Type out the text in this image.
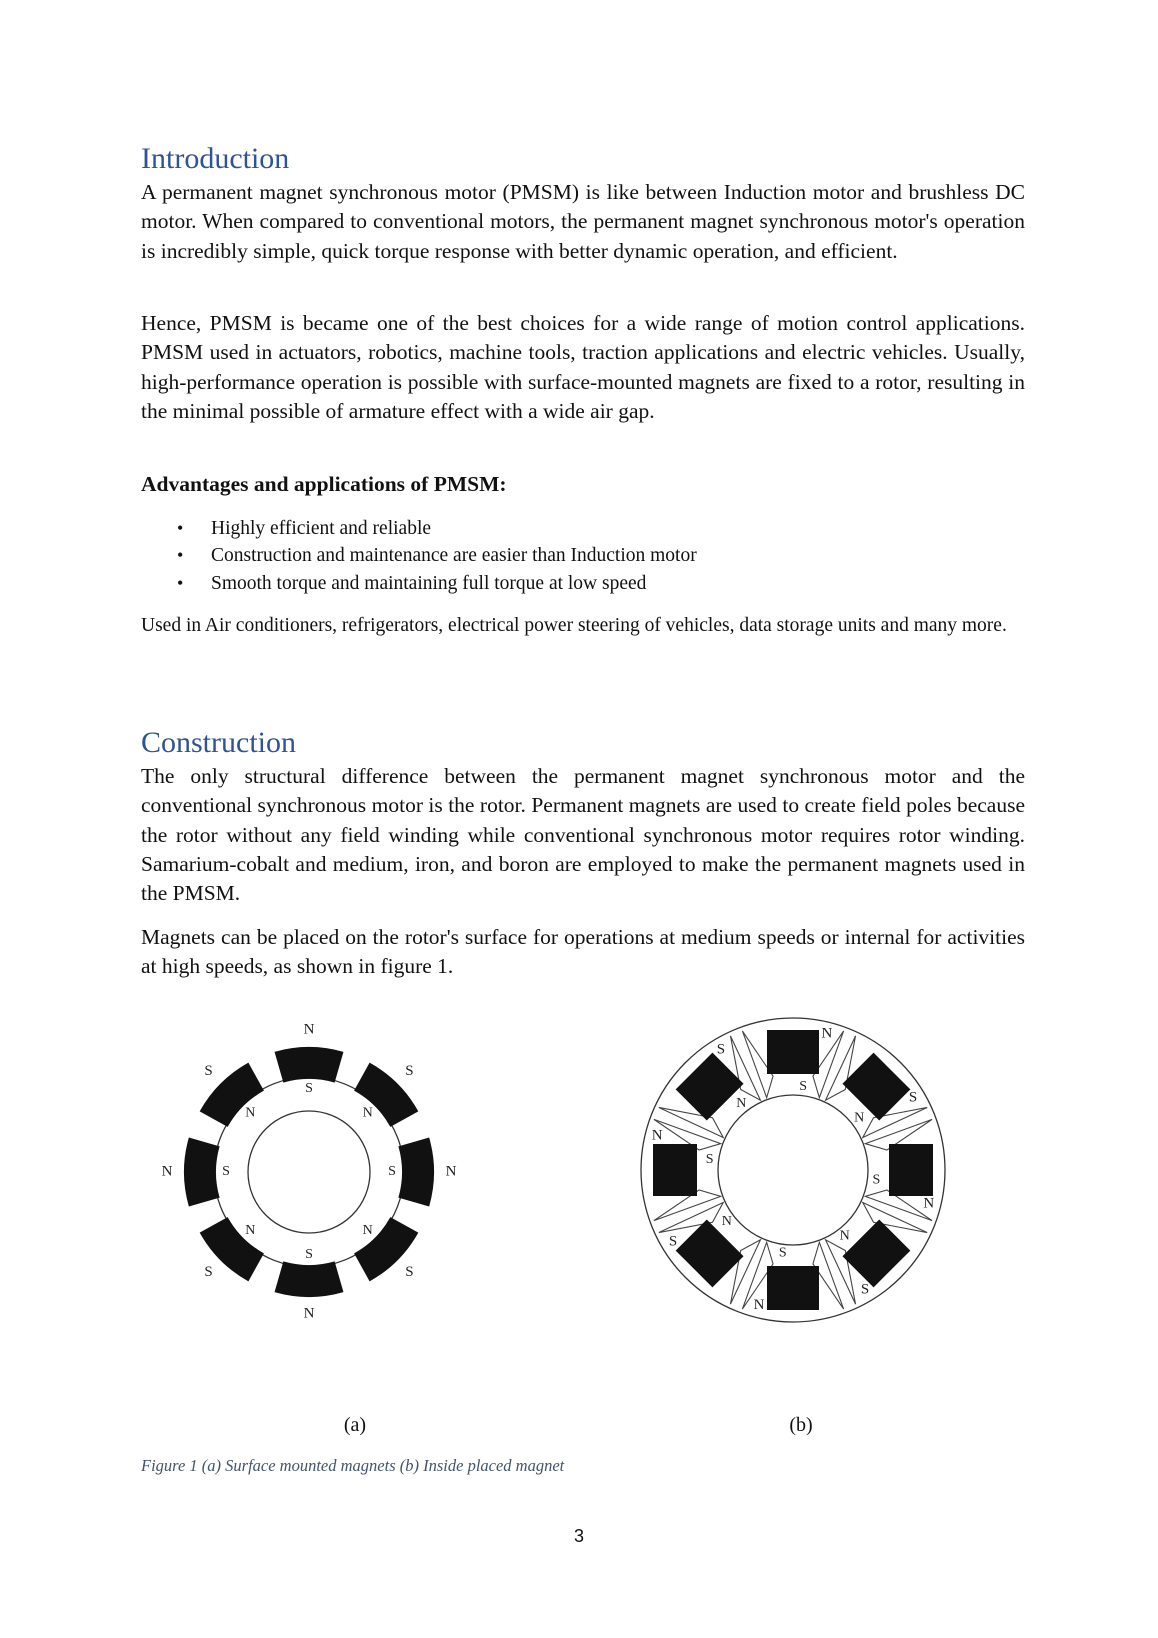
Introduction

A permanent magnet synchronous motor (PMSM) is like between Induction motor and brushless DC motor. When compared to conventional motors, the permanent magnet synchronous motor's operation is incredibly simple, quick torque response with better dynamic operation, and efficient.

Hence, PMSM is became one of the best choices for a wide range of motion control applications. PMSM used in actuators, robotics, machine tools, traction applications and electric vehicles. Usually, high-performance operation is possible with surface-mounted magnets are fixed to a rotor, resulting in the minimal possible of armature effect with a wide air gap.

Advantages and applications of PMSM:

• Highly efficient and reliable
• Construction and maintenance are easier than Induction motor
• Smooth torque and maintaining full torque at low speed

Used in Air conditioners, refrigerators, electrical power steering of vehicles, data storage units and many more.

Construction

The only structural difference between the permanent magnet synchronous motor and the conventional synchronous motor is the rotor. Permanent magnets are used to create field poles because the rotor without any field winding while conventional synchronous motor requires rotor winding. Samarium-cobalt and medium, iron, and boron are employed to make the permanent magnets used in the PMSM.

Magnets can be placed on the rotor's surface for operations at medium speeds or internal for activities at high speeds, as shown in figure 1.

N
S
S
N
N
S
S
N
N
S
S
N
N	S
S
N
N
S
S
N
N
S
S
N
N
S
S
N
N
S
S
N
(a)	(b)

Figure 1 (a) Surface mounted magnets (b) Inside placed magnet

3
